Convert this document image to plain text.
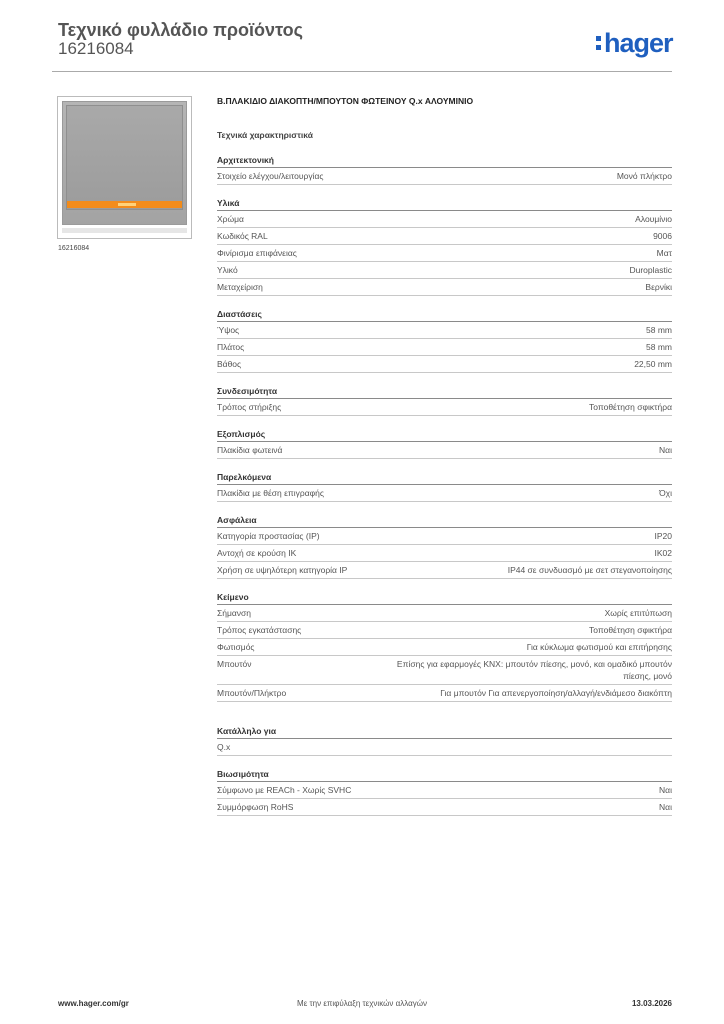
Τεχνικό φυλλάδιο προϊόντος
16216084	hager
16216084
Β.ΠΛΑΚΙΔΙΟ ΔΙΑΚΟΠΤΗ/ΜΠΟΥΤΟΝ ΦΩΤΕΙΝΟΥ Q.x ΑΛΟΥΜΙΝΙΟ
Τεχνικά χαρακτηριστικά
Αρχιτεκτονική
Στοιχείο ελέγχου/λειτουργίας	Μονό πλήκτρο
Υλικά
Χρώμα	Αλουμίνιο
Κωδικός RAL	9006
Φινίρισμα επιφάνειας	Ματ
Υλικό	Duroplastic
Μεταχείριση	Βερνίκι
Διαστάσεις
Ύψος	58 mm
Πλάτος	58 mm
Βάθος	22,50 mm
Συνδεσιμότητα
Τρόπος στήριξης	Τοποθέτηση σφικτήρα
Εξοπλισμός
Πλακίδια φωτεινά	Ναι
Παρελκόμενα
Πλακίδια με θέση επιγραφής	Όχι
Ασφάλεια
Κατηγορία προστασίας (IP)	IP20
Αντοχή σε κρούση IK	IK02
Χρήση σε υψηλότερη κατηγορία IP	IP44 σε συνδυασμό με σετ στεγανοποίησης
Κείμενο
Σήμανση	Χωρίς επιτύπωση
Τρόπος εγκατάστασης	Τοποθέτηση σφικτήρα
Φωτισμός	Για κύκλωμα φωτισμού και επιτήρησης
Μπουτόν	Επίσης για εφαρμογές KNX: μπουτόν πίεσης, μονό, και ομαδικό μπουτόν πίεσης, μονό
Μπουτόν/Πλήκτρο	Για μπουτόν Για απενεργοποίηση/αλλαγή/ενδιάμεσο διακόπτη
Κατάλληλο για
Q.x
Βιωσιμότητα
Σύμφωνο με REACh - Χωρίς SVHC	Ναι
Συμμόρφωση RoHS	Ναι
www.hager.com/gr	Με την επιφύλαξη τεχνικών αλλαγών	13.03.2026
